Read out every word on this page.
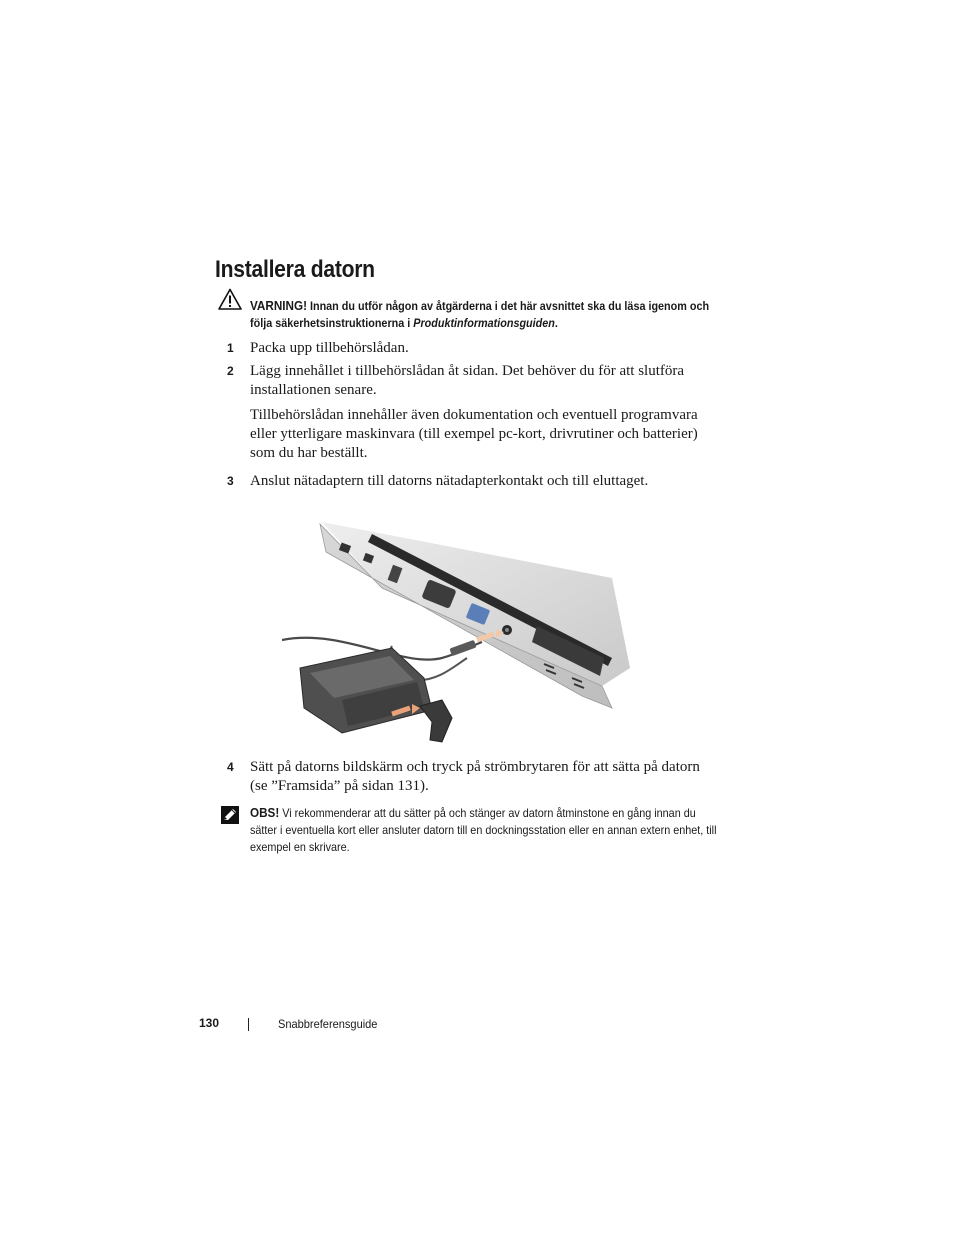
Installera datorn
VARNING! Innan du utför någon av åtgärderna i det här avsnittet ska du läsa igenom och följa säkerhetsinstruktionerna i Produktinformationsguiden.
1 Packa upp tillbehörslådan.
2 Lägg innehållet i tillbehörslådan åt sidan. Det behöver du för att slutföra installationen senare.
Tillbehörslådan innehåller även dokumentation och eventuell programvara eller ytterligare maskinvara (till exempel pc-kort, drivrutiner och batterier) som du har beställt.
3 Anslut nätadaptern till datorns nätadapterkontakt och till eluttaget.
4 Sätt på datorns bildskärm och tryck på strömbrytaren för att sätta på datorn (se ”Framsida” på sidan 131).
OBS! Vi rekommenderar att du sätter på och stänger av datorn åtminstone en gång innan du sätter i eventuella kort eller ansluter datorn till en dockningsstation eller en annan extern enhet, till exempel en skrivare.
130	Snabbreferensguide
